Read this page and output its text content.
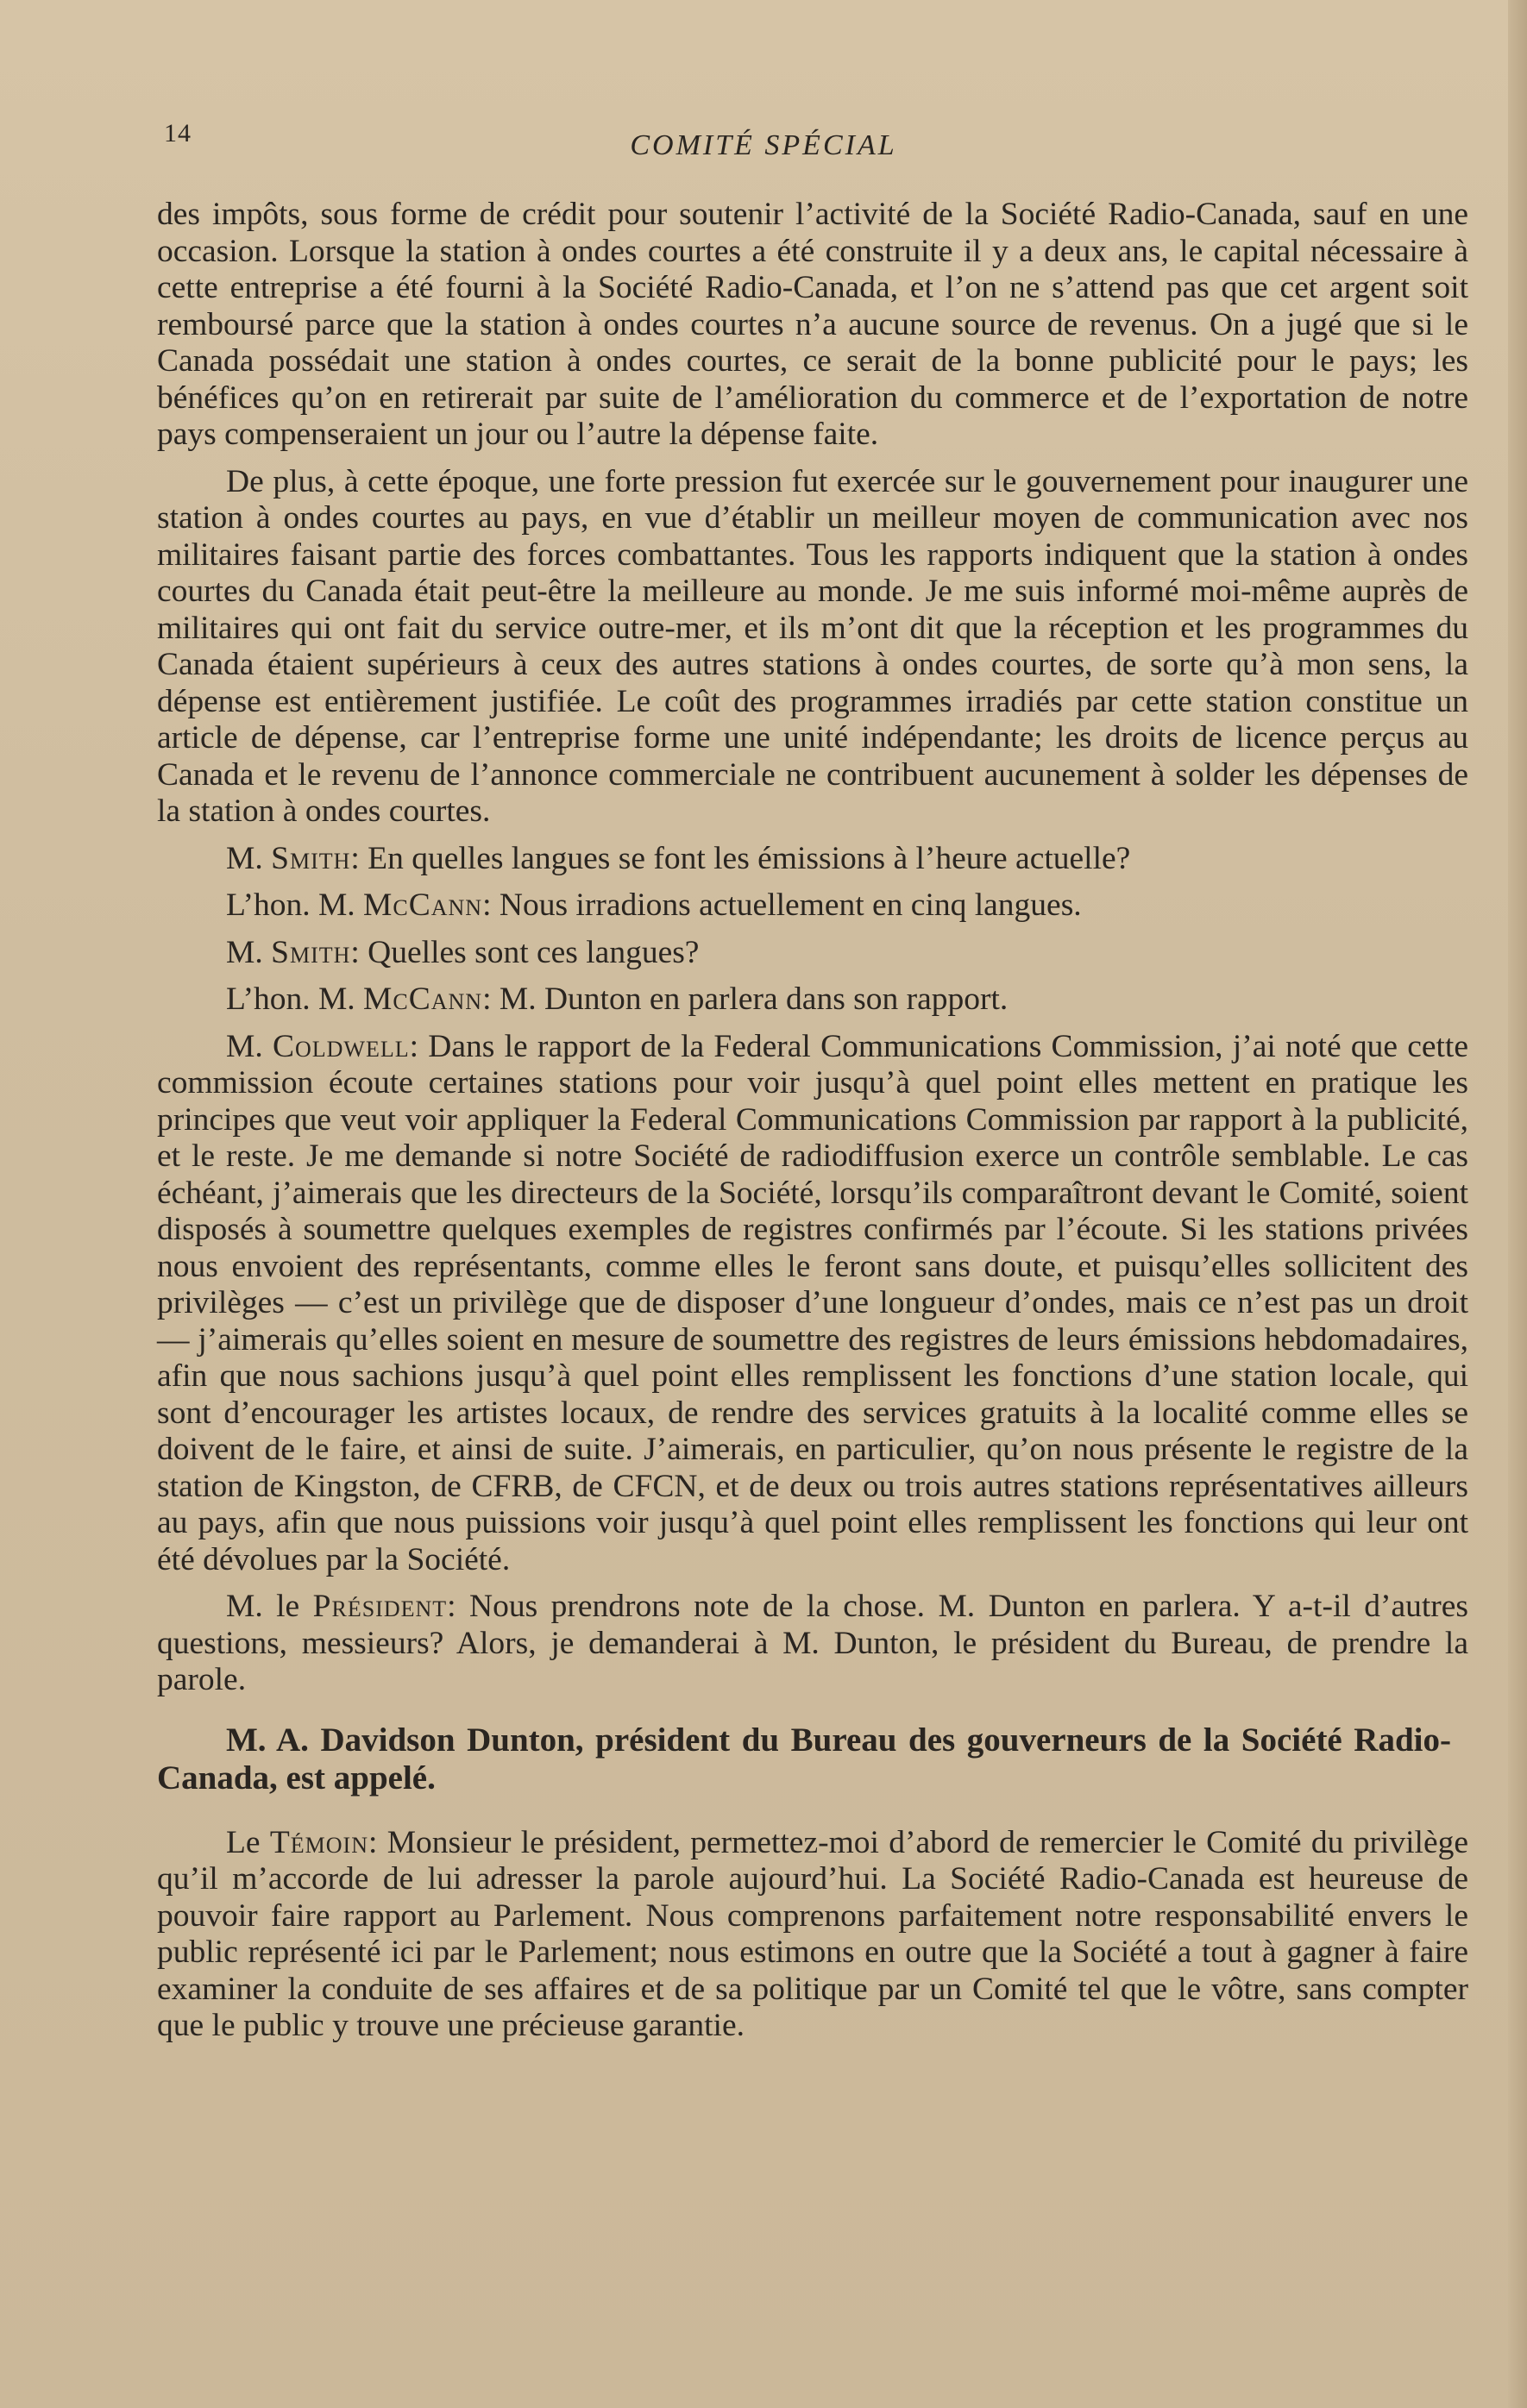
14	COMITÉ SPÉCIAL

des impôts, sous forme de crédit pour soutenir l’activité de la Société Radio-Canada, sauf en une occasion. Lorsque la station à ondes courtes a été construite il y a deux ans, le capital nécessaire à cette entreprise a été fourni à la Société Radio-Canada, et l’on ne s’attend pas que cet argent soit remboursé parce que la station à ondes courtes n’a aucune source de revenus. On a jugé que si le Canada possédait une station à ondes courtes, ce serait de la bonne publicité pour le pays; les bénéfices qu’on en retirerait par suite de l’amélioration du commerce et de l’exportation de notre pays compenseraient un jour ou l’autre la dépense faite.

De plus, à cette époque, une forte pression fut exercée sur le gouvernement pour inaugurer une station à ondes courtes au pays, en vue d’établir un meilleur moyen de communication avec nos militaires faisant partie des forces combattantes. Tous les rapports indiquent que la station à ondes courtes du Canada était peut-être la meilleure au monde. Je me suis informé moi-même auprès de militaires qui ont fait du service outre-mer, et ils m’ont dit que la réception et les programmes du Canada étaient supérieurs à ceux des autres stations à ondes courtes, de sorte qu’à mon sens, la dépense est entièrement justifiée. Le coût des programmes irradiés par cette station constitue un article de dépense, car l’entreprise forme une unité indépendante; les droits de licence perçus au Canada et le revenu de l’annonce commerciale ne contribuent aucunement à solder les dépenses de la station à ondes courtes.

M. Smith: En quelles langues se font les émissions à l’heure actuelle?

L’hon. M. McCann: Nous irradions actuellement en cinq langues.

M. Smith: Quelles sont ces langues?

L’hon. M. McCann: M. Dunton en parlera dans son rapport.

M. Coldwell: Dans le rapport de la Federal Communications Commission, j’ai noté que cette commission écoute certaines stations pour voir jusqu’à quel point elles mettent en pratique les principes que veut voir appliquer la Federal Communications Commission par rapport à la publicité, et le reste. Je me demande si notre Société de radiodiffusion exerce un contrôle semblable. Le cas échéant, j’aimerais que les directeurs de la Société, lorsqu’ils comparaîtront devant le Comité, soient disposés à soumettre quelques exemples de registres confirmés par l’écoute. Si les stations privées nous envoient des représentants, comme elles le feront sans doute, et puisqu’elles sollicitent des privilèges — c’est un privilège que de disposer d’une longueur d’ondes, mais ce n’est pas un droit — j’aimerais qu’elles soient en mesure de soumettre des registres de leurs émissions hebdomadaires, afin que nous sachions jusqu’à quel point elles remplissent les fonctions d’une station locale, qui sont d’encourager les artistes locaux, de rendre des services gratuits à la localité comme elles se doivent de le faire, et ainsi de suite. J’aimerais, en particulier, qu’on nous présente le registre de la station de Kingston, de CFRB, de CFCN, et de deux ou trois autres stations représentatives ailleurs au pays, afin que nous puissions voir jusqu’à quel point elles remplissent les fonctions qui leur ont été dévolues par la Société.

M. le Président: Nous prendrons note de la chose. M. Dunton en parlera. Y a-t-il d’autres questions, messieurs? Alors, je demanderai à M. Dunton, le président du Bureau, de prendre la parole.

M. A. Davidson Dunton, président du Bureau des gouverneurs de la Société Radio-Canada, est appelé.

Le Témoin: Monsieur le président, permettez-moi d’abord de remercier le Comité du privilège qu’il m’accorde de lui adresser la parole aujourd’hui. La Société Radio-Canada est heureuse de pouvoir faire rapport au Parlement. Nous comprenons parfaitement notre responsabilité envers le public représenté ici par le Parlement; nous estimons en outre que la Société a tout à gagner à faire examiner la conduite de ses affaires et de sa politique par un Comité tel que le vôtre, sans compter que le public y trouve une précieuse garantie.
